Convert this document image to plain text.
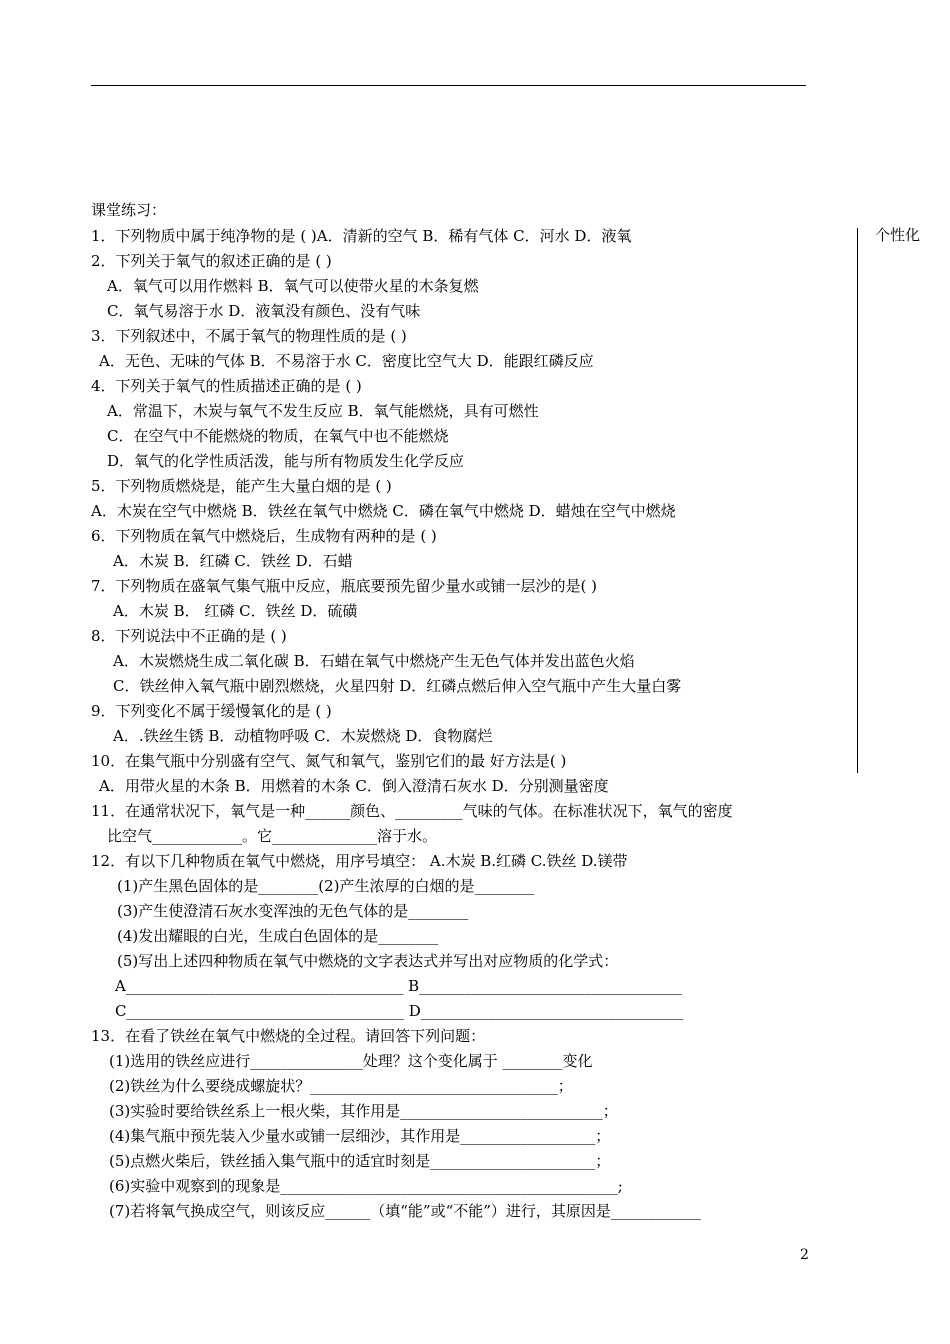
个性化
课堂练习：
1．下列物质中属于纯净物的是 ( )A．清新的空气 B．稀有气体 C．河水 D．液氧
2．下列关于氧气的叙述正确的是 ( )
A．氧气可以用作燃料 B．氧气可以使带火星的木条复燃
C．氧气易溶于水 D．液氧没有颜色、没有气味
3．下列叙述中，不属于氧气的物理性质的是 ( )
A．无色、无味的气体 B．不易溶于水 C．密度比空气大 D．能跟红磷反应
4．下列关于氧气的性质描述正确的是 ( )
A．常温下，木炭与氧气不发生反应 B．氧气能燃烧，具有可燃性
C．在空气中不能燃烧的物质，在氧气中也不能燃烧
D．氧气的化学性质活泼，能与所有物质发生化学反应
5．下列物质燃烧是，能产生大量白烟的是 ( )
A．木炭在空气中燃烧 B．铁丝在氧气中燃烧 C．磷在氧气中燃烧 D．蜡烛在空气中燃烧
6．下列物质在氧气中燃烧后，生成物有两种的是 ( )
A．木炭 B．红磷 C．铁丝 D．石蜡
7．下列物质在盛氧气集气瓶中反应，瓶底要预先留少量水或铺一层沙的是( )
A．木炭 B． 红磷 C．铁丝 D．硫磺
8．下列说法中不正确的是 ( )
A．木炭燃烧生成二氧化碳 B．石蜡在氧气中燃烧产生无色气体并发出蓝色火焰
C．铁丝伸入氧气瓶中剧烈燃烧，火星四射 D．红磷点燃后伸入空气瓶中产生大量白雾
9．下列变化不属于缓慢氧化的是 ( )
A．.铁丝生锈 B．动植物呼吸 C．木炭燃烧 D．食物腐烂
10．在集气瓶中分别盛有空气、氮气和氧气，鉴别它们的最 好方法是( )
A．用带火星的木条 B．用燃着的木条 C．倒入澄清石灰水 D．分别测量密度
11．在通常状况下，氧气是一种______颜色、_________气味的气体。在标准状况下，氧气的密度
比空气____________。它______________溶于水。
12．有以下几种物质在氧气中燃烧，用序号填空： A.木炭 B.红磷 C.铁丝 D.镁带
(1)产生黑色固体的是________(2)产生浓厚的白烟的是________
(3)产生使澄清石灰水变浑浊的无色气体的是________
(4)发出耀眼的白光，生成白色固体的是________
(5)写出上述四种物质在氧气中燃烧的文字表达式并写出对应物质的化学式：
A_____________________________________ B___________________________________
C_____________________________________ D___________________________________
13．在看了铁丝在氧气中燃烧的全过程。请回答下列问题：
(1)选用的铁丝应进行_______________处理？这个变化属于 ________变化
(2)铁丝为什么要绕成螺旋状？_________________________________；
(3)实验时要给铁丝系上一根火柴，其作用是___________________________；
(4)集气瓶中预先装入少量水或铺一层细沙，其作用是__________________；
(5)点燃火柴后，铁丝插入集气瓶中的适宜时刻是______________________；
(6)实验中观察到的现象是_____________________________________________;
(7)若将氧气换成空气，则该反应______（填“能”或“不能”）进行，其原因是____________
2
